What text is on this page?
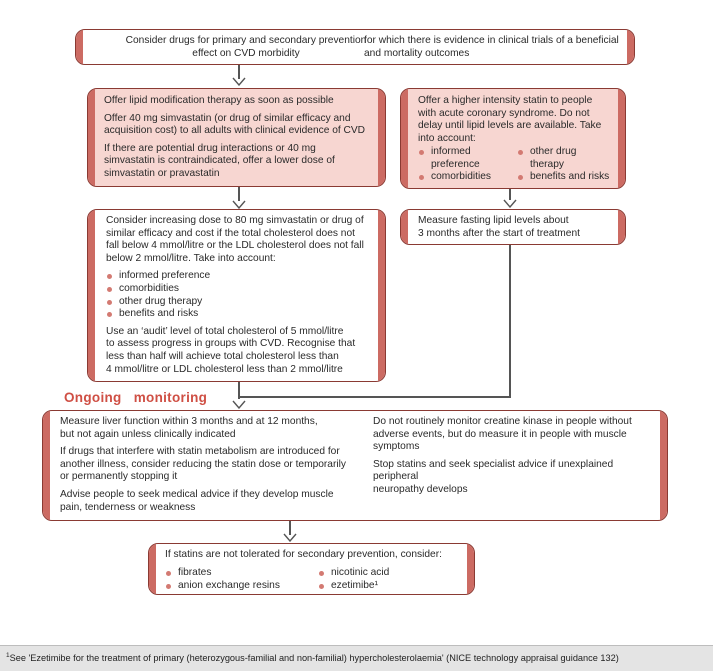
Consider drugs for primary and secondary prevention

effect on CVD morbidity

for which there is evidence in clinical trials of a beneficial

and mortality outcomes

Offer lipid modification therapy as soon as possible

Offer 40 mg simvastatin (or drug of similar efficacy and

acquisition cost) to all adults with clinical evidence of CVD

If there are potential drug interactions or 40 mg

simvastatin is contraindicated, offer a lower dose of

simvastatin or pravastatin

Offer a higher intensity statin to people

with acute coronary syndrome. Do not

delay until lipid levels are available. Take

into account:

informed

preference

comorbidities

other drug

therapy

benefits and risks

Consider increasing dose to 80 mg simvastatin or drug of

similar efficacy and cost if the total cholesterol does not

fall below 4 mmol/litre or the LDL cholesterol does not fall

below 2 mmol/litre. Take into account:

informed preference

comorbidities

other drug therapy

benefits and risks

Use an ‘audit’ level of total cholesterol of 5 mmol/litre

to assess progress in groups with CVD. Recognise that

less than half will achieve total cholesterol less than

4 mmol/litre or LDL cholesterol less than 2 mmol/litre

Measure fasting lipid levels about

3 months after the start of treatment

Ongoing   monitoring

Measure liver function within 3 months and at 12 months,

but not again unless clinically indicated

If drugs that interfere with statin metabolism are introduced for

another illness, consider reducing the statin dose or temporarily

or permanently stopping it

Advise people to seek medical advice if they develop muscle

pain, tenderness or weakness

Do not routinely monitor creatine kinase in people without

adverse events, but do measure it in people with muscle

symptoms

Stop statins and seek specialist advice if unexplained peripheral

neuropathy develops

If statins are not tolerated for secondary prevention, consider:

fibrates

anion exchange resins

nicotinic acid

ezetimibe¹

$^1$See 'Ezetimibe for the treatment of primary (heterozygous-familial and non-familial) hypercholesterolaemia' (NICE technology appraisal guidance 132)
